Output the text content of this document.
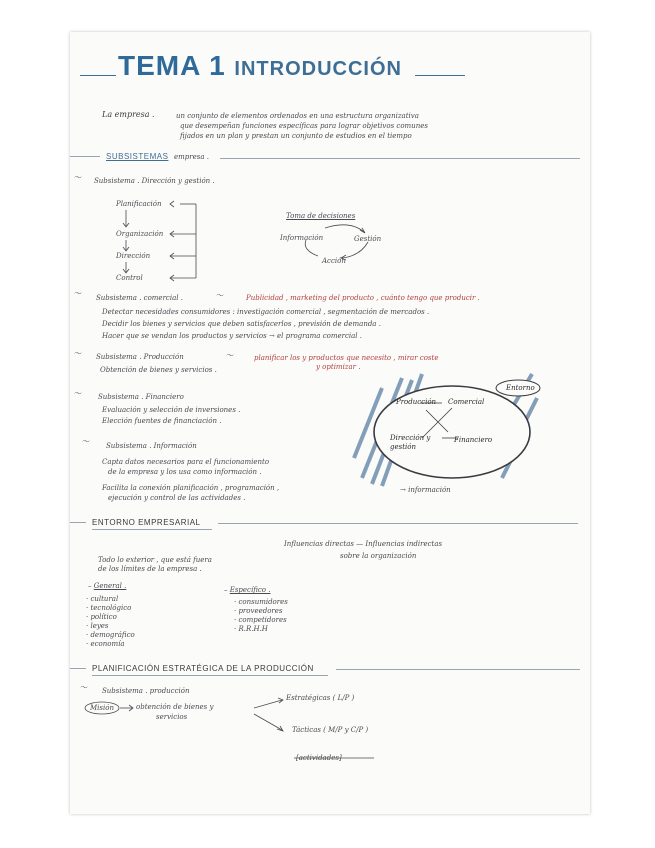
TEMA 1 INTRODUCCIÓN
La empresa .	un conjunto de elementos ordenados en una estructura organizativa
que desempeñan funciones específicas para lograr objetivos comunes
fijados en un plan y prestan un conjunto de estudios en el tiempo
SUBSISTEMAS empresa .
〜 Subsistema . Dirección y gestión .
Planificación
Organización
Dirección
Control
Toma de decisiones
Información	Gestión
Acción
〜 Subsistema . comercial .	〜	Publicidad , marketing del producto , cuánto tengo que producir .
Detectar necesidades consumidores : investigación comercial , segmentación de mercados .
Decidir los bienes y servicios que deben satisfacerlos , previsión de demanda .
Hacer que se vendan los productos y servicios → el programa comercial .
〜 Subsistema . Producción	〜	planificar los y productos que necesito , mirar coste
y optimizar .
Obtención de bienes y servicios .
〜 Subsistema . Financiero
Evaluación y selección de inversiones .
Elección fuentes de financiación .
〜 Subsistema . Información
Capta datos necesarios para el funcionamiento
de la empresa y los usa como información .
Facilita la conexión planificación , programación ,
ejecución y control de las actividades .
Entorno
Producción Comercial
Dirección y gestión
Financiero
→ información
ENTORNO EMPRESARIAL
Todo lo exterior , que está fuera
de los límites de la empresa .
Influencias directas — Influencias indirectas
sobre la organización
– General .
· cultural
· tecnológico
· político
· leyes
· demográfico
· economía
– Específico .
· consumidores
· proveedores
· competidores
· R.R.H.H
PLANIFICACIÓN ESTRATÉGICA DE LA PRODUCCIÓN
〜 Subsistema . producción
Misión	obtención de bienes y
servicios
Estratégicas ( L/P )
Tácticas ( M/P y C/P )
[actividades]
